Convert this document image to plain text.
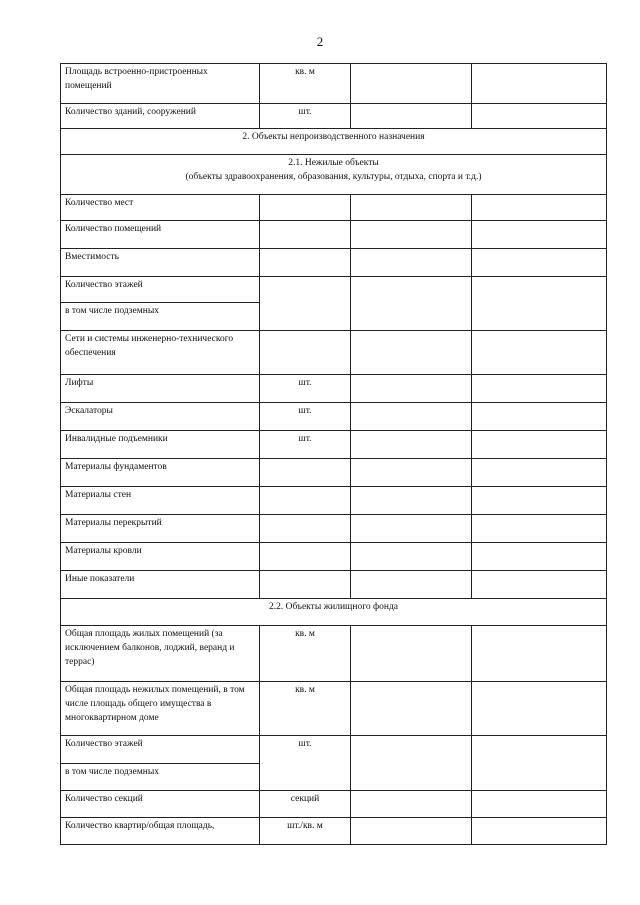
2
Площадь встроенно-пристроенных помещений	кв. м		
Количество зданий, сооружений	шт.		
2. Объекты непроизводственного назначения			

2.1. Нежилые объекты
(объекты здравоохранения, образования, культуры, отдыха, спорта и т.д.)			

Количество мест			
Количество помещений			
Вместимость			
Количество этажей			
в том числе подземных			
Сети и системы инженерно-технического обеспечения			
Лифты	шт.		
Эскалаторы	шт.		
Инвалидные подъемники	шт.		
Материалы фундаментов			
Материалы стен			
Материалы перекрытий			
Материалы кровли			
Иные показатели			
2.2. Объекты жилищного фонда			
Общая площадь жилых помещений (за исключением балконов, лоджий, веранд и террас)	кв. м		
Общая площадь нежилых помещений, в том числе площадь общего имущества в многоквартирном доме	кв. м		
Количество этажей	шт.		
в том числе подземных			
Количество секций	секций		
Количество квартир/общая площадь,	шт./кв. м		
